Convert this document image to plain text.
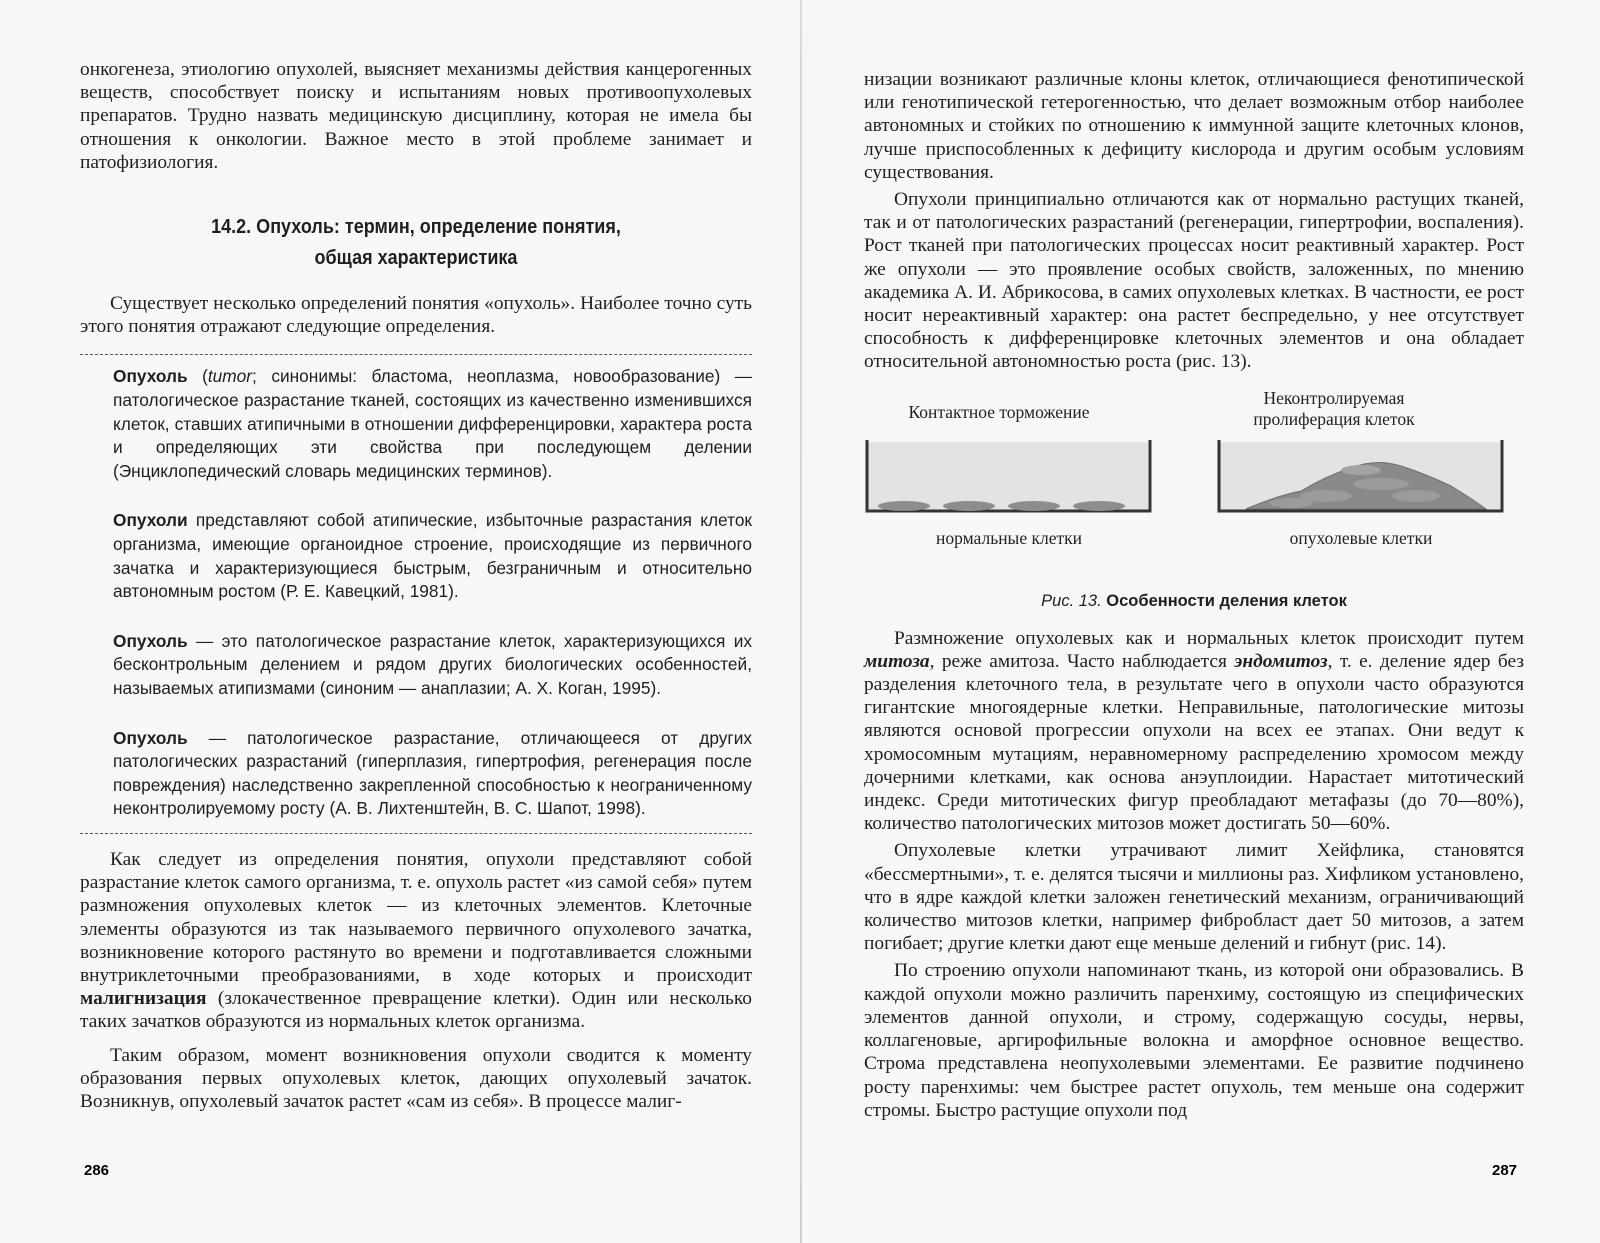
онкогенеза, этиологию опухолей, выясняет механизмы действия канцерогенных веществ, способствует поиску и испытаниям новых противоопухолевых препаратов. Трудно назвать медицинскую дисциплину, которая не имела бы отношения к онкологии. Важное место в этой проблеме занимает и патофизиология.

14.2. Опухоль: термин, определение понятия,
общая характеристика

Существует несколько определений понятия «опухоль». Наиболее точно суть этого понятия отражают следующие определения.

Опухоль (tumor; синонимы: бластома, неоплазма, новообразование) — патологическое разрастание тканей, состоящих из качественно изменившихся клеток, ставших атипичными в отношении дифференцировки, характера роста и определяющих эти свойства при последующем делении (Энциклопедический словарь медицинских терминов).

Опухоли представляют собой атипические, избыточные разрастания клеток организма, имеющие органоидное строение, происходящие из первичного зачатка и характеризующиеся быстрым, безграничным и относительно автономным ростом (Р. Е. Кавецкий, 1981).

Опухоль — это патологическое разрастание клеток, характеризующихся их бесконтрольным делением и рядом других биологических особенностей, называемых атипизмами (синоним — анаплазии; А. Х. Коган, 1995).

Опухоль — патологическое разрастание, отличающееся от других патологических разрастаний (гиперплазия, гипертрофия, регенерация после повреждения) наследственно закрепленной способностью к неограниченному неконтролируемому росту (А. В. Лихтенштейн, В. С. Шапот, 1998).

Как следует из определения понятия, опухоли представляют собой разрастание клеток самого организма, т. е. опухоль растет «из самой себя» путем размножения опухолевых клеток — из клеточных элементов. Клеточные элементы образуются из так называемого первичного опухолевого зачатка, возникновение которого растянуто во времени и подготавливается сложными внутриклеточными преобразованиями, в ходе которых и происходит малигнизация (злокачественное превращение клетки). Один или несколько таких зачатков образуются из нормальных клеток организма.

Таким образом, момент возникновения опухоли сводится к моменту образования первых опухолевых клеток, дающих опухолевый зачаток. Возникнув, опухолевый зачаток растет «сам из себя». В процессе малиг-

286

низации возникают различные клоны клеток, отличающиеся фенотипической или генотипической гетерогенностью, что делает возможным отбор наиболее автономных и стойких по отношению к иммунной защите клеточных клонов, лучше приспособленных к дефициту кислорода и другим особым условиям существования.

Опухоли принципиально отличаются как от нормально растущих тканей, так и от патологических разрастаний (регенерации, гипертрофии, воспаления). Рост тканей при патологических процессах носит реактивный характер. Рост же опухоли — это проявление особых свойств, заложенных, по мнению академика А. И. Абрикосова, в самих опухолевых клетках. В частности, ее рост носит нереактивный характер: она растет беспредельно, у нее отсутствует способность к дифференцировке клеточных элементов и она обладает относительной автономностью роста (рис. 13).

Контактное торможение
Неконтролируемая
пролиферация клеток
нормальные клетки	опухолевые клетки
Рис. 13. Особенности деления клеток

Размножение опухолевых как и нормальных клеток происходит путем митоза, реже амитоза. Часто наблюдается эндомитоз, т. е. деление ядер без разделения клеточного тела, в результате чего в опухоли часто образуются гигантские многоядерные клетки. Неправильные, патологические митозы являются основой прогрессии опухоли на всех ее этапах. Они ведут к хромосомным мутациям, неравномерному распределению хромосом между дочерними клетками, как основа анэуплоидии. Нарастает митотический индекс. Среди митотических фигур преобладают метафазы (до 70—80%), количество патологических митозов может достигать 50—60%.

Опухолевые клетки утрачивают лимит Хейфлика, становятся «бессмертными», т. е. делятся тысячи и миллионы раз. Хифликом установлено, что в ядре каждой клетки заложен генетический механизм, ограничивающий количество митозов клетки, например фибробласт дает 50 митозов, а затем погибает; другие клетки дают еще меньше делений и гибнут (рис. 14).

По строению опухоли напоминают ткань, из которой они образовались. В каждой опухоли можно различить паренхиму, состоящую из специфических элементов данной опухоли, и строму, содержащую сосуды, нервы, коллагеновые, аргирофильные волокна и аморфное основное вещество. Строма представлена неопухолевыми элементами. Ее развитие подчинено росту паренхимы: чем быстрее растет опухоль, тем меньше она содержит стромы. Быстро растущие опухоли под

287
